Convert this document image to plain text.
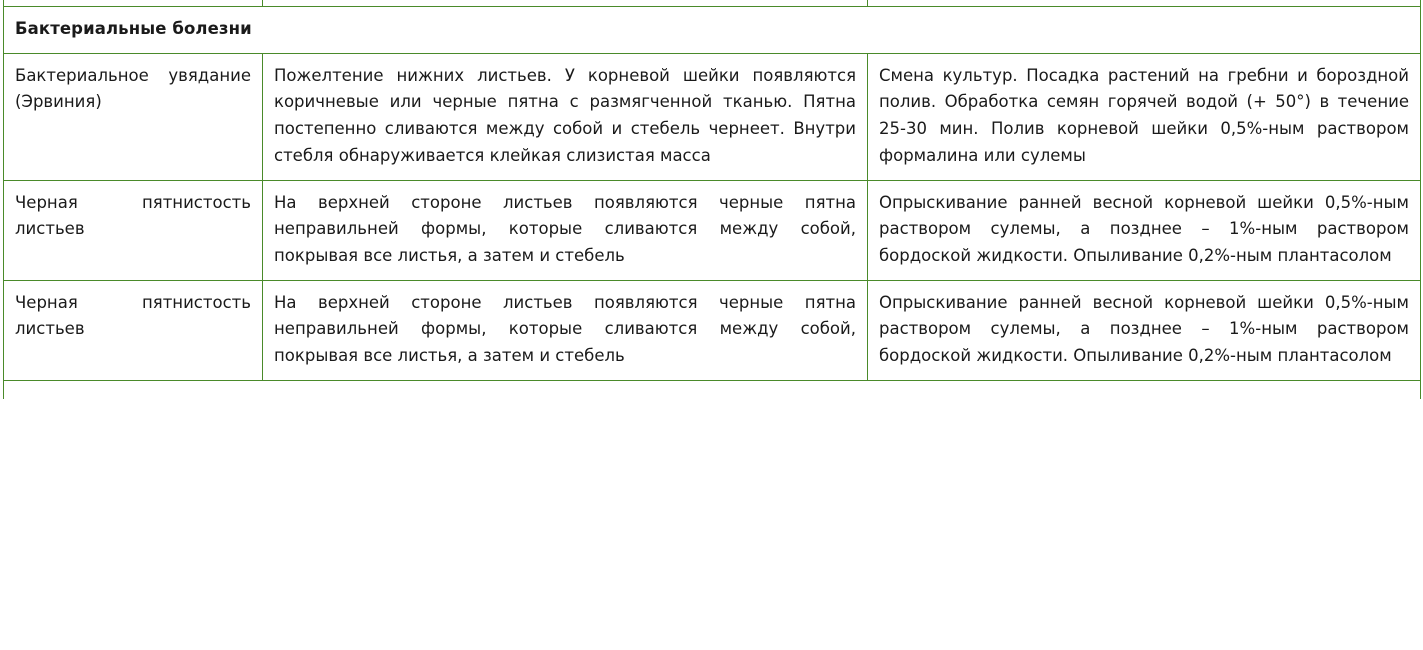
Бактериальные болезни		
Бактериальное увядание (Эрвиния)	Пожелтение нижних листьев. У корневой шейки появляются коричневые или черные пятна с размягченной тканью. Пятна постепенно сливаются между собой и стебель чернеет. Внутри стебля обнаруживается клейкая слизистая масса	Смена культур. Посадка растений на гребни и бороздной полив. Обработка семян горячей водой (+ 50°) в течение 25-30 мин. Полив корневой шейки 0,5%-ным раствором формалина или сулемы
Черная пятнистость листьев	На верхней стороне листьев появляются черные пятна неправильней формы, которые сливаются между собой, покрывая все листья, а затем и стебель	Опрыскивание ранней весной корневой шейки 0,5%-ным раствором сулемы, а позднее – 1%-ным раствором бордоской жидкости. Опыливание 0,2%-ным плантасолом
Черная пятнистость листьев	На верхней стороне листьев появляются черные пятна неправильней формы, которые сливаются между собой, покрывая все листья, а затем и стебель	Опрыскивание ранней весной корневой шейки 0,5%-ным раствором сулемы, а позднее – 1%-ным раствором бордоской жидкости. Опыливание 0,2%-ным плантасолом
